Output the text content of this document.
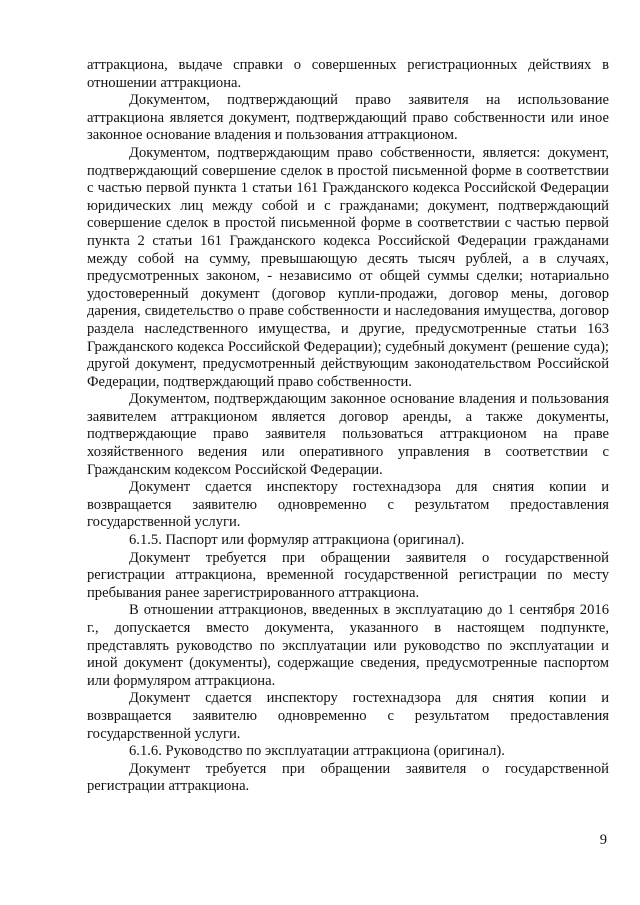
аттракциона, выдаче справки о совершенных регистрационных действиях в отношении аттракциона.

Документом, подтверждающий право заявителя на использование аттракциона является документ, подтверждающий право собственности или иное законное основание владения и пользования аттракционом.

Документом, подтверждающим право собственности, является: документ, подтверждающий совершение сделок в простой письменной форме в соответствии с частью первой пункта 1 статьи 161 Гражданского кодекса Российской Федерации юридических лиц между собой и с гражданами; документ, подтверждающий совершение сделок в простой письменной форме в соответствии с частью первой пункта 2 статьи 161 Гражданского кодекса Российской Федерации гражданами между собой на сумму, превышающую десять тысяч рублей, а в случаях, предусмотренных законом, - независимо от общей суммы сделки; нотариально удостоверенный документ (договор купли-продажи, договор мены, договор дарения, свидетельство о праве собственности и наследования имущества, договор раздела наследственного имущества, и другие, предусмотренные статьи 163 Гражданского кодекса Российской Федерации); судебный документ (решение суда); другой документ, предусмотренный действующим законодательством Российской Федерации, подтверждающий право собственности.

Документом, подтверждающим законное основание владения и пользования заявителем аттракционом является договор аренды, а также документы, подтверждающие право заявителя пользоваться аттракционом на праве хозяйственного ведения или оперативного управления в соответствии с Гражданским кодексом Российской Федерации.

Документ сдается инспектору гостехнадзора для снятия копии и возвращается заявителю одновременно с результатом предоставления государственной услуги.

6.1.5. Паспорт или формуляр аттракциона (оригинал).

Документ требуется при обращении заявителя о государственной регистрации аттракциона, временной государственной регистрации по месту пребывания ранее зарегистрированного аттракциона.

В отношении аттракционов, введенных в эксплуатацию до 1 сентября 2016 г., допускается вместо документа, указанного в настоящем подпункте, представлять руководство по эксплуатации или руководство по эксплуатации и иной документ (документы), содержащие сведения, предусмотренные паспортом или формуляром аттракциона.

Документ сдается инспектору гостехнадзора для снятия копии и возвращается заявителю одновременно с результатом предоставления государственной услуги.

6.1.6. Руководство по эксплуатации аттракциона (оригинал).

Документ требуется при обращении заявителя о государственной регистрации аттракциона.

9
